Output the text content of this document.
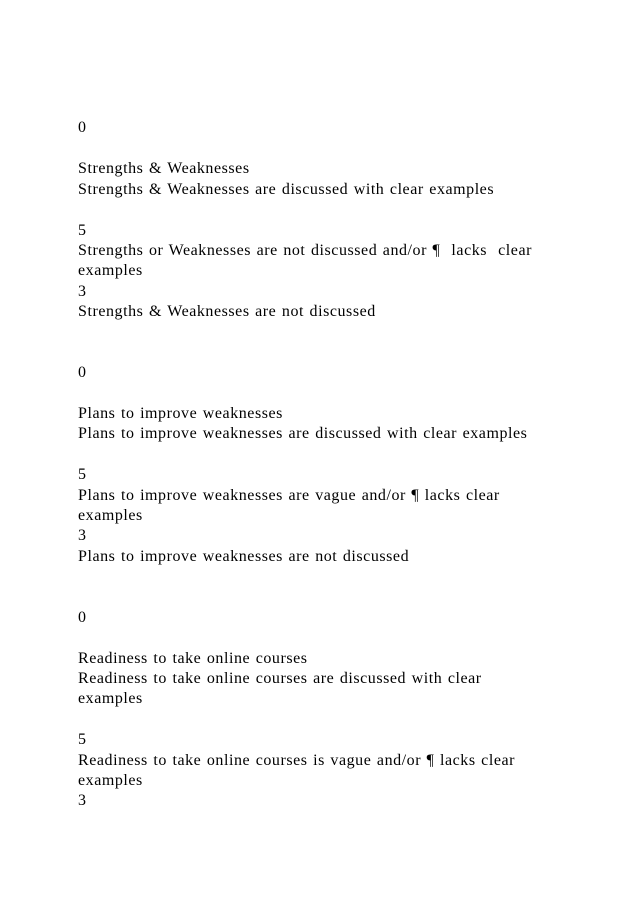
0
Strengths & Weaknesses
Strengths & Weaknesses are discussed with clear examples
5
Strengths or Weaknesses are not discussed and/or ¶  lacks  clear
examples
3
Strengths & Weaknesses are not discussed
0
Plans to improve weaknesses
Plans to improve weaknesses are discussed with clear examples
5
Plans to improve weaknesses are vague and/or ¶ lacks clear
examples
3
Plans to improve weaknesses are not discussed
0
Readiness to take online courses
Readiness to take online courses are discussed with clear
examples
5
Readiness to take online courses is vague and/or ¶ lacks clear
examples
3
